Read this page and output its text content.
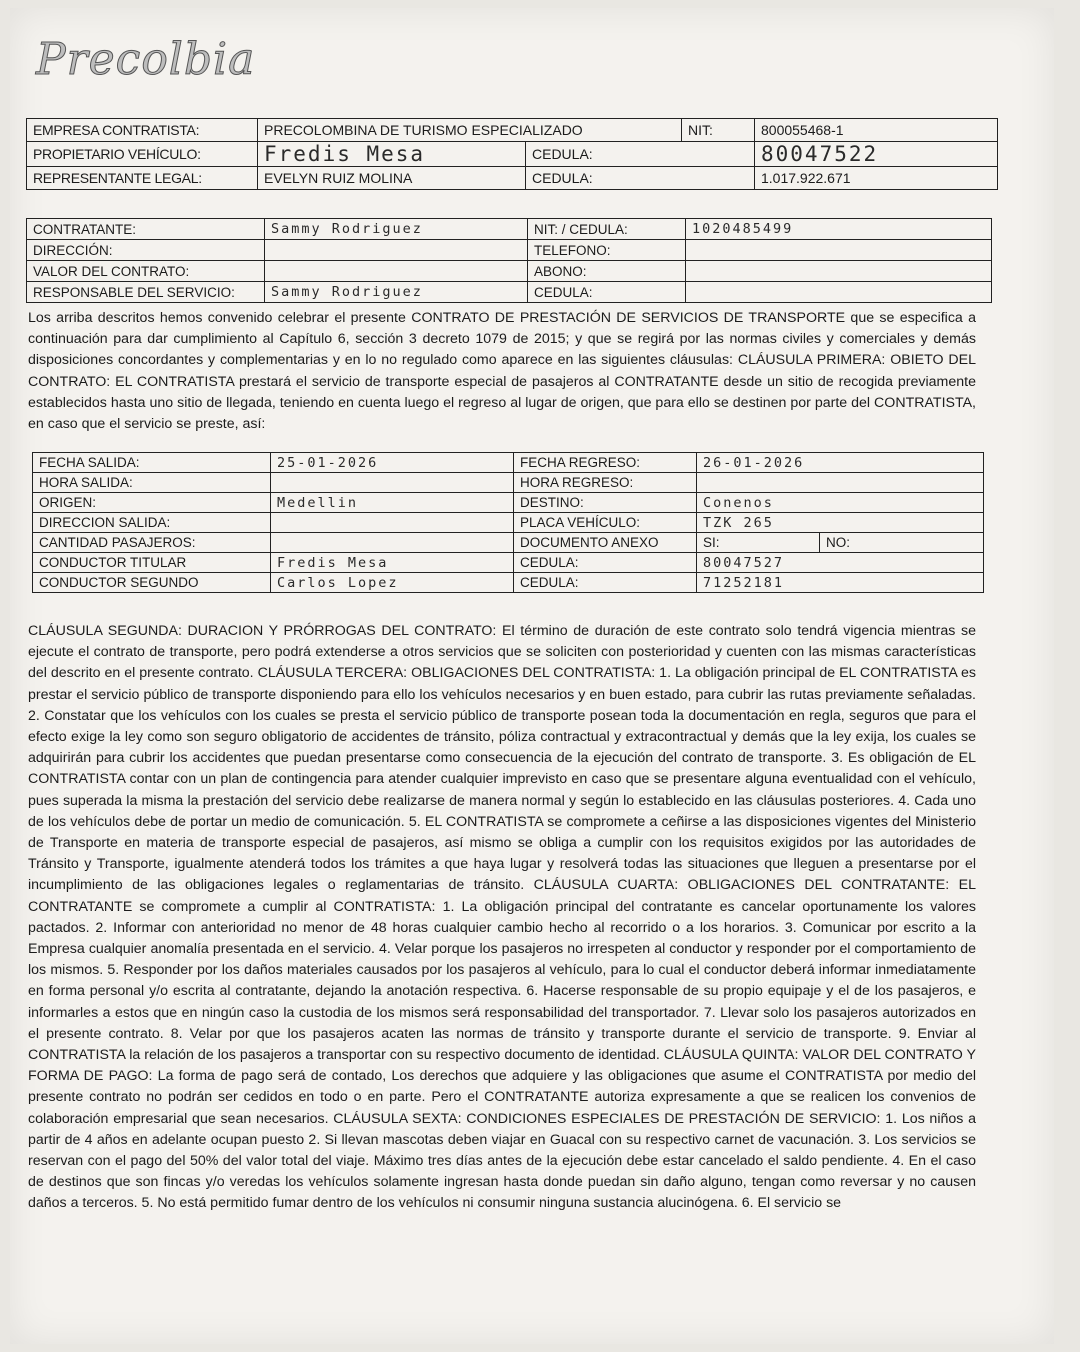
Precolbia
EMPRESA CONTRATISTA:	PRECOLOMBINA DE TURISMO ESPECIALIZADO		NIT:	800055468-1
PROPIETARIO VEHÍCULO:	Fredis Mesa	CEDULA:		80047522
REPRESENTANTE LEGAL:	EVELYN RUIZ MOLINA	CEDULA:		1.017.922.671
CONTRATANTE:	Sammy Rodriguez	NIT: / CEDULA:	1020485499
DIRECCIÓN:		TELEFONO:	
VALOR DEL CONTRATO:		ABONO:	
RESPONSABLE DEL SERVICIO:	Sammy Rodriguez	CEDULA:	

Los arriba descritos hemos convenido celebrar el presente CONTRATO DE PRESTACIÓN DE SERVICIOS DE TRANSPORTE que se especifica a continuación para dar cumplimiento al Capítulo 6, sección 3 decreto 1079 de 2015; y que se regirá por las normas civiles y comerciales y demás disposiciones concordantes y complementarias y en lo no regulado como aparece en las siguientes cláusulas: CLÁUSULA PRIMERA: OBIETO DEL CONTRATO: EL CONTRATISTA prestará el servicio de transporte especial de pasajeros al CONTRATANTE desde un sitio de recogida previamente establecidos hasta uno sitio de llegada, teniendo en cuenta luego el regreso al lugar de origen, que para ello se destinen por parte del CONTRATISTA, en caso que el servicio se preste, así:

FECHA SALIDA:	25-01-2026	FECHA REGRESO:	26-01-2026	
HORA SALIDA:		HORA REGRESO:		
ORIGEN:	Medellin	DESTINO:	Conenos	
DIRECCION SALIDA:		PLACA VEHÍCULO:	TZK 265	
CANTIDAD PASAJEROS:		DOCUMENTO ANEXO	SI:	NO:
CONDUCTOR TITULAR	Fredis Mesa	CEDULA:	80047527	
CONDUCTOR SEGUNDO	Carlos Lopez	CEDULA:	71252181	

CLÁUSULA SEGUNDA: DURACION Y PRÓRROGAS DEL CONTRATO: El término de duración de este contrato solo tendrá vigencia mientras se ejecute el contrato de transporte, pero podrá extenderse a otros servicios que se soliciten con posterioridad y cuenten con las mismas características del descrito en el presente contrato. CLÁUSULA TERCERA: OBLIGACIONES DEL CONTRATISTA: 1. La obligación principal de EL CONTRATISTA es prestar el servicio público de transporte disponiendo para ello los vehículos necesarios y en buen estado, para cubrir las rutas previamente señaladas. 2. Constatar que los vehículos con los cuales se presta el servicio público de transporte posean toda la documentación en regla, seguros que para el efecto exige la ley como son seguro obligatorio de accidentes de tránsito, póliza contractual y extracontractual y demás que la ley exija, los cuales se adquirirán para cubrir los accidentes que puedan presentarse como consecuencia de la ejecución del contrato de transporte. 3. Es obligación de EL CONTRATISTA contar con un plan de contingencia para atender cualquier imprevisto en caso que se presentare alguna eventualidad con el vehículo, pues superada la misma la prestación del servicio debe realizarse de manera normal y según lo establecido en las cláusulas posteriores. 4. Cada uno de los vehículos debe de portar un medio de comunicación. 5. EL CONTRATISTA se compromete a ceñirse a las disposiciones vigentes del Ministerio de Transporte en materia de transporte especial de pasajeros, así mismo se obliga a cumplir con los requisitos exigidos por las autoridades de Tránsito y Transporte, igualmente atenderá todos los trámites a que haya lugar y resolverá todas las situaciones que lleguen a presentarse por el incumplimiento de las obligaciones legales o reglamentarias de tránsito. CLÁUSULA CUARTA: OBLIGACIONES DEL CONTRATANTE: EL CONTRATANTE se compromete a cumplir al CONTRATISTA: 1. La obligación principal del contratante es cancelar oportunamente los valores pactados. 2. Informar con anterioridad no menor de 48 horas cualquier cambio hecho al recorrido o a los horarios. 3. Comunicar por escrito a la Empresa cualquier anomalía presentada en el servicio. 4. Velar porque los pasajeros no irrespeten al conductor y responder por el comportamiento de los mismos. 5. Responder por los daños materiales causados por los pasajeros al vehículo, para lo cual el conductor deberá informar inmediatamente en forma personal y/o escrita al contratante, dejando la anotación respectiva. 6. Hacerse responsable de su propio equipaje y el de los pasajeros, e informarles a estos que en ningún caso la custodia de los mismos será responsabilidad del transportador. 7. Llevar solo los pasajeros autorizados en el presente contrato. 8. Velar por que los pasajeros acaten las normas de tránsito y transporte durante el servicio de transporte. 9. Enviar al CONTRATISTA la relación de los pasajeros a transportar con su respectivo documento de identidad. CLÁUSULA QUINTA: VALOR DEL CONTRATO Y FORMA DE PAGO: La forma de pago será de contado, Los derechos que adquiere y las obligaciones que asume el CONTRATISTA por medio del presente contrato no podrán ser cedidos en todo o en parte. Pero el CONTRATANTE autoriza expresamente a que se realicen los convenios de colaboración empresarial que sean necesarios. CLÁUSULA SEXTA: CONDICIONES ESPECIALES DE PRESTACIÓN DE SERVICIO: 1. Los niños a partir de 4 años en adelante ocupan puesto 2. Si llevan mascotas deben viajar en Guacal con su respectivo carnet de vacunación. 3. Los servicios se reservan con el pago del 50% del valor total del viaje. Máximo tres días antes de la ejecución debe estar cancelado el saldo pendiente. 4. En el caso de destinos que son fincas y/o veredas los vehículos solamente ingresan hasta donde puedan sin daño alguno, tengan como reversar y no causen daños a terceros. 5. No está permitido fumar dentro de los vehículos ni consumir ninguna sustancia alucinógena. 6. El servicio se
